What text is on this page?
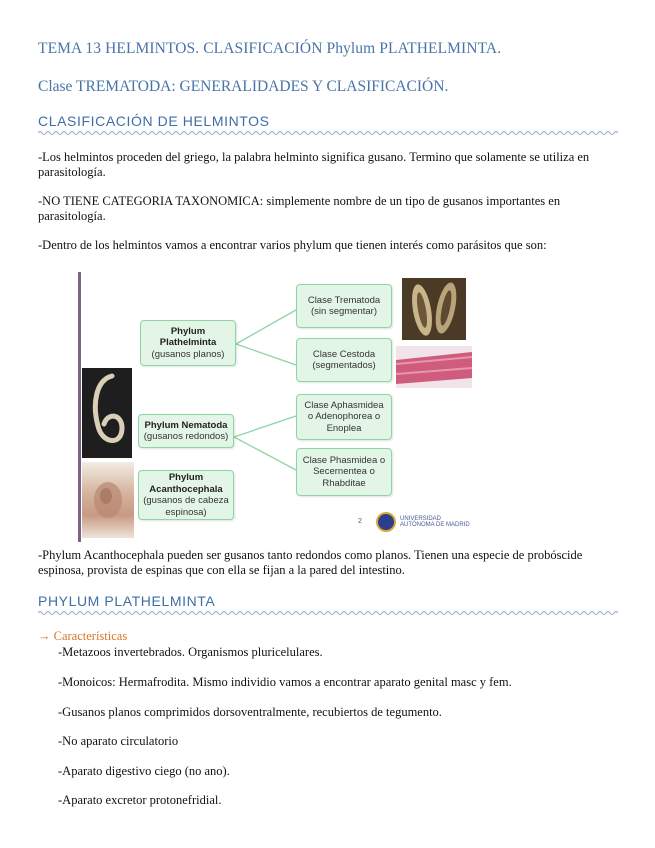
TEMA 13 HELMINTOS. CLASIFICACIÓN Phylum PLATHELMINTA.
Clase TREMATODA: GENERALIDADES Y CLASIFICACIÓN.
CLASIFICACIÓN DE HELMINTOS
-Los helmintos proceden del griego, la palabra helminto significa gusano. Termino que solamente se utiliza en parasitología.
-NO TIENE CATEGORIA TAXONOMICA: simplemente nombre de un tipo de gusanos importantes en parasitología.
-Dentro de los helmintos vamos a encontrar varios phylum que tienen interés como parásitos que son:
Phylum Plathelminta
(gusanos planos)
Phylum Nematoda
(gusanos redondos)
Phylum Acanthocephala
(gusanos de cabeza espinosa)
Clase Trematoda
(sin segmentar)
Clase Cestoda
(segmentados)
Clase Aphasmidea
o Adenophorea o
Enoplea
Clase Phasmidea o
Secernentea o
Rhabditae
2	UNIVERSIDAD
AUTÓNOMA DE MADRID
-Phylum Acanthocephala pueden ser gusanos tanto redondos como planos. Tienen una especie de probóscide espinosa, provista de espinas que con ella se fijan a la pared del intestino.
PHYLUM PLATHELMINTA
→ Características
-Metazoos invertebrados. Organismos pluricelulares.
-Monoicos: Hermafrodita. Mismo individio vamos a encontrar aparato genital masc y fem.
-Gusanos planos comprimidos dorsoventralmente, recubiertos de tegumento.
-No aparato circulatorio
-Aparato digestivo ciego (no ano).
-Aparato excretor protonefridial.
